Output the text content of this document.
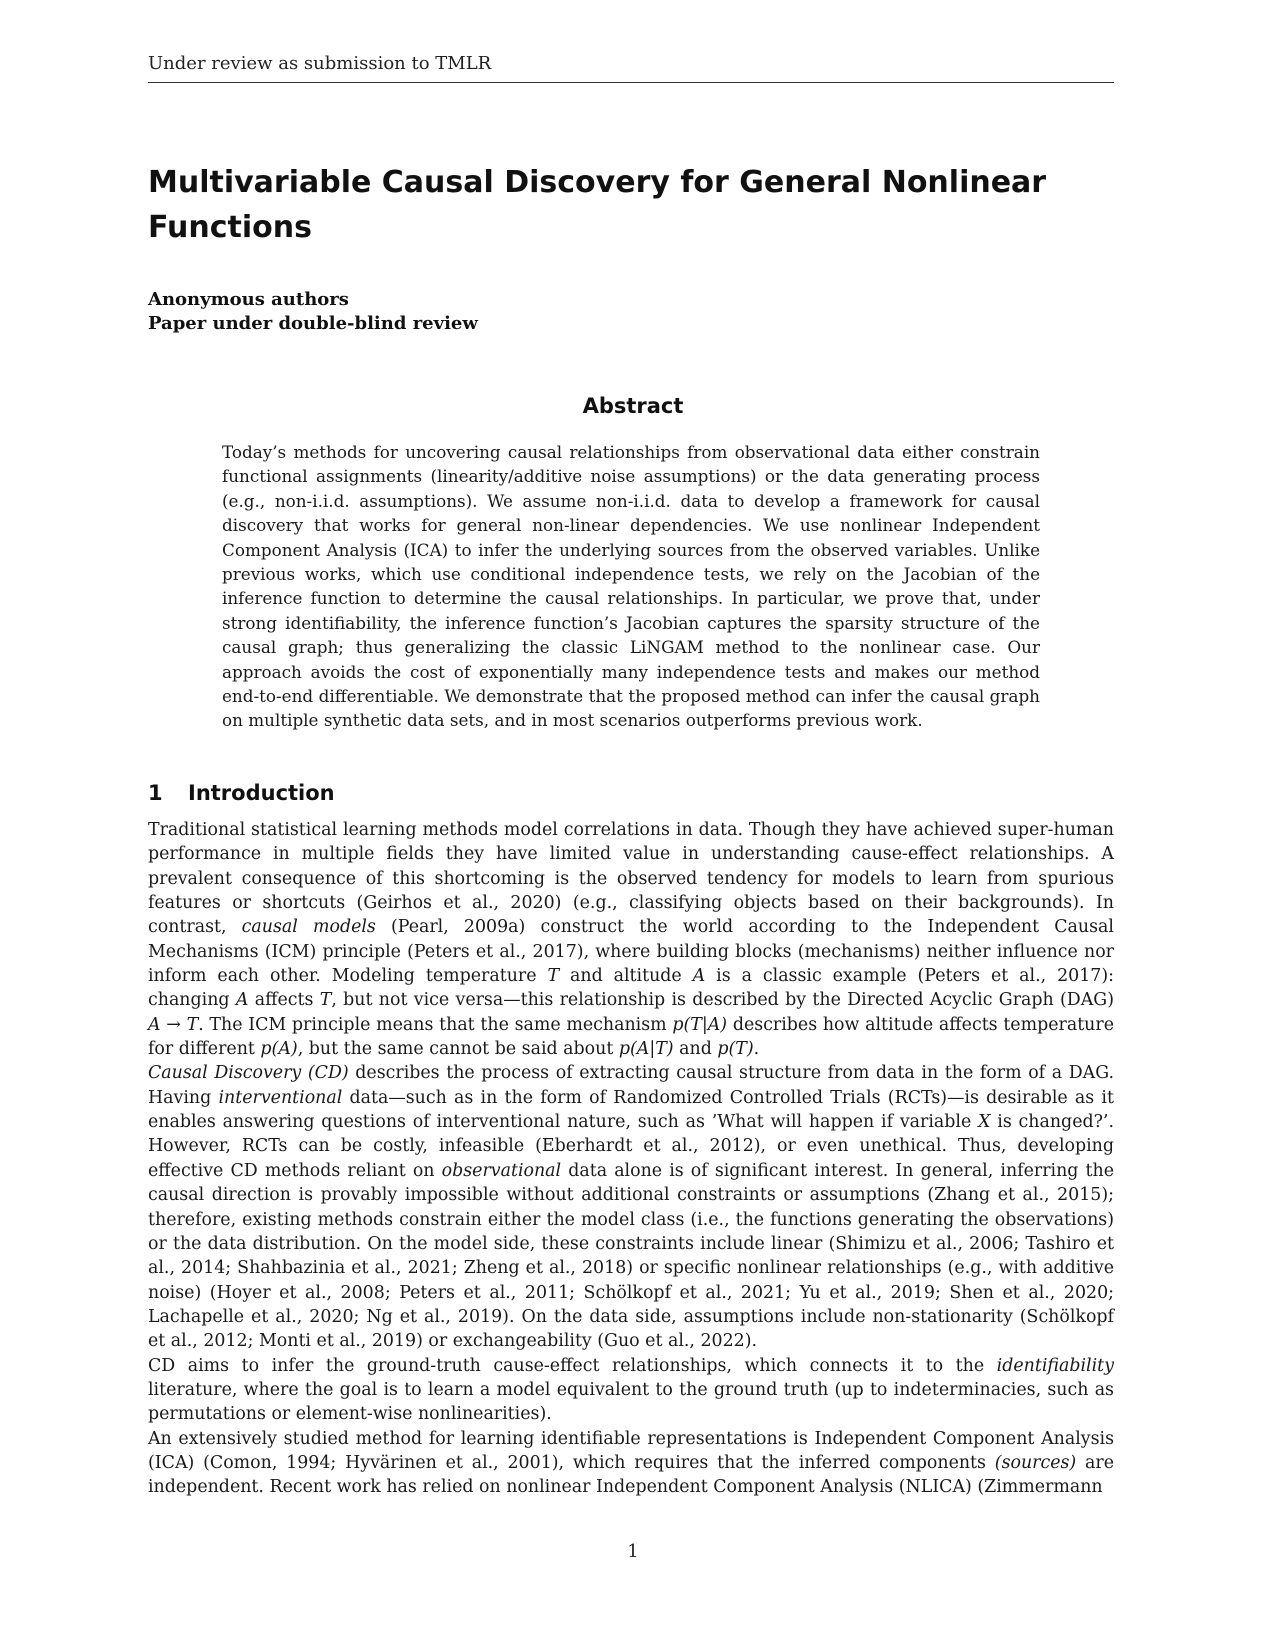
Under review as submission to TMLR
Multivariable Causal Discovery for General Nonlinear Functions
Anonymous authors
Paper under double-blind review
Abstract

Today’s methods for uncovering causal relationships from observational data either constrain functional assignments (linearity/additive noise assumptions) or the data generating process (e.g., non-i.i.d. assumptions). We assume non-i.i.d. data to develop a framework for causal discovery that works for general non-linear dependencies. We use nonlinear Independent Component Analysis (ICA) to infer the underlying sources from the observed variables. Unlike previous works, which use conditional independence tests, we rely on the Jacobian of the inference function to determine the causal relationships. In particular, we prove that, under strong identifiability, the inference function’s Jacobian captures the sparsity structure of the causal graph; thus generalizing the classic LiNGAM method to the nonlinear case. Our approach avoids the cost of exponentially many independence tests and makes our method end-to-end differentiable. We demonstrate that the proposed method can infer the causal graph on multiple synthetic data sets, and in most scenarios outperforms previous work.

1 Introduction

Traditional statistical learning methods model correlations in data. Though they have achieved super-human performance in multiple fields they have limited value in understanding cause-effect relationships. A prevalent consequence of this shortcoming is the observed tendency for models to learn from spurious features or shortcuts (Geirhos et al., 2020) (e.g., classifying objects based on their backgrounds). In contrast, causal models (Pearl, 2009a) construct the world according to the Independent Causal Mechanisms (ICM) principle (Peters et al., 2017), where building blocks (mechanisms) neither influence nor inform each other. Modeling temperature T and altitude A is a classic example (Peters et al., 2017): changing A affects T, but not vice versa—this relationship is described by the Directed Acyclic Graph (DAG) A → T. The ICM principle means that the same mechanism p(T|A) describes how altitude affects temperature for different p(A), but the same cannot be said about p(A|T) and p(T).

Causal Discovery (CD) describes the process of extracting causal structure from data in the form of a DAG. Having interventional data—such as in the form of Randomized Controlled Trials (RCTs)—is desirable as it enables answering questions of interventional nature, such as ’What will happen if variable X is changed?’. However, RCTs can be costly, infeasible (Eberhardt et al., 2012), or even unethical. Thus, developing effective CD methods reliant on observational data alone is of significant interest. In general, inferring the causal direction is provably impossible without additional constraints or assumptions (Zhang et al., 2015); therefore, existing methods constrain either the model class (i.e., the functions generating the observations) or the data distribution. On the model side, these constraints include linear (Shimizu et al., 2006; Tashiro et al., 2014; Shahbazinia et al., 2021; Zheng et al., 2018) or specific nonlinear relationships (e.g., with additive noise) (Hoyer et al., 2008; Peters et al., 2011; Schölkopf et al., 2021; Yu et al., 2019; Shen et al., 2020; Lachapelle et al., 2020; Ng et al., 2019). On the data side, assumptions include non-stationarity (Schölkopf et al., 2012; Monti et al., 2019) or exchangeability (Guo et al., 2022).

CD aims to infer the ground-truth cause-effect relationships, which connects it to the identifiability literature, where the goal is to learn a model equivalent to the ground truth (up to indeterminacies, such as permutations or element-wise nonlinearities).

An extensively studied method for learning identifiable representations is Independent Component Analysis (ICA) (Comon, 1994; Hyvärinen et al., 2001), which requires that the inferred components (sources) are independent. Recent work has relied on nonlinear Independent Component Analysis (NLICA) (Zimmermann

1
